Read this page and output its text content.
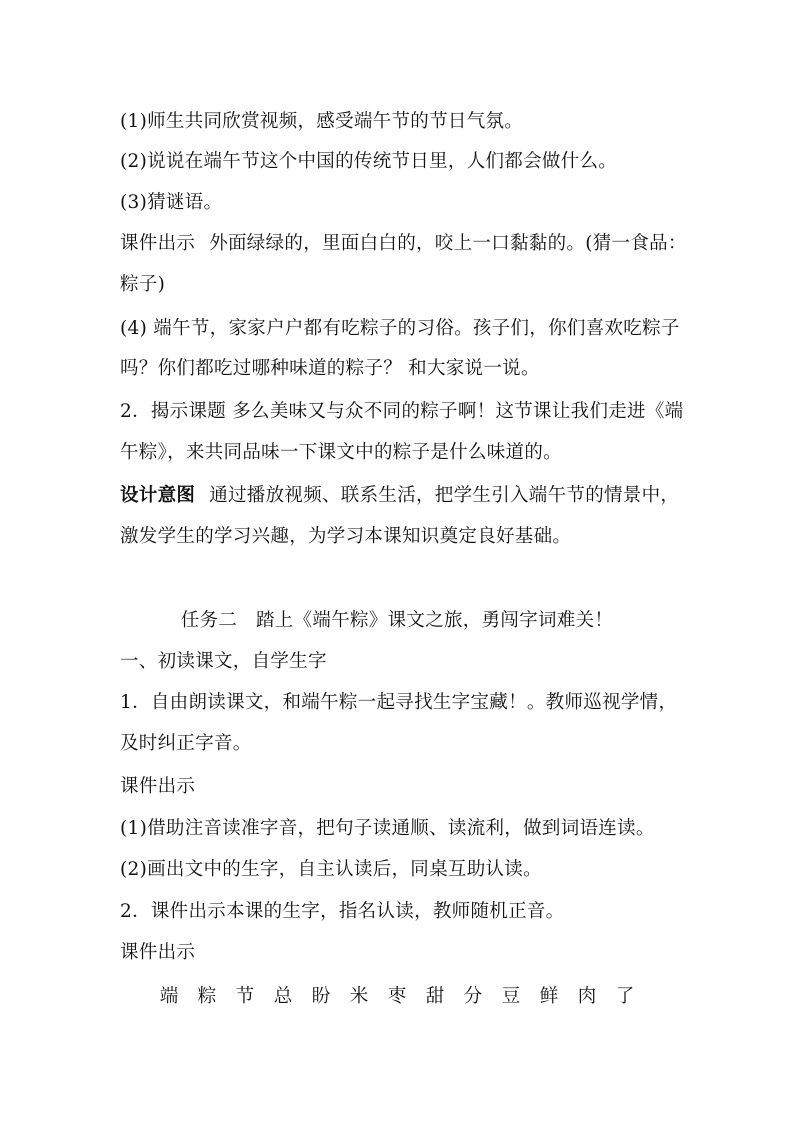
(1)师生共同欣赏视频，感受端午节的节日气氛。
(2)说说在端午节这个中国的传统节日里，人们都会做什么。
(3)猜谜语。
课件出示 外面绿绿的，里面白白的，咬上一口黏黏的。(猜一食品：
粽子)
(4) 端午节，家家户户都有吃粽子的习俗。孩子们，你们喜欢吃粽子
吗？你们都吃过哪种味道的粽子？ 和大家说一说。
2．揭示课题 多么美味又与众不同的粽子啊！这节课让我们走进《端
午粽》，来共同品味一下课文中的粽子是什么味道的。
设计意图 通过播放视频、联系生活，把学生引入端午节的情景中，
激发学生的学习兴趣，为学习本课知识奠定良好基础。
任务二　踏上《端午粽》课文之旅，勇闯字词难关！
一、初读课文，自学生字
1．自由朗读课文，和端午粽一起寻找生字宝藏！。教师巡视学情，
及时纠正字音。
课件出示
(1)借助注音读准字音，把句子读通顺、读流利，做到词语连读。
(2)画出文中的生字，自主认读后，同桌互助认读。
2．课件出示本课的生字，指名认读，教师随机正音。
课件出示
端 粽 节 总 盼 米 枣 甜 分 豆 鲜 肉 了
